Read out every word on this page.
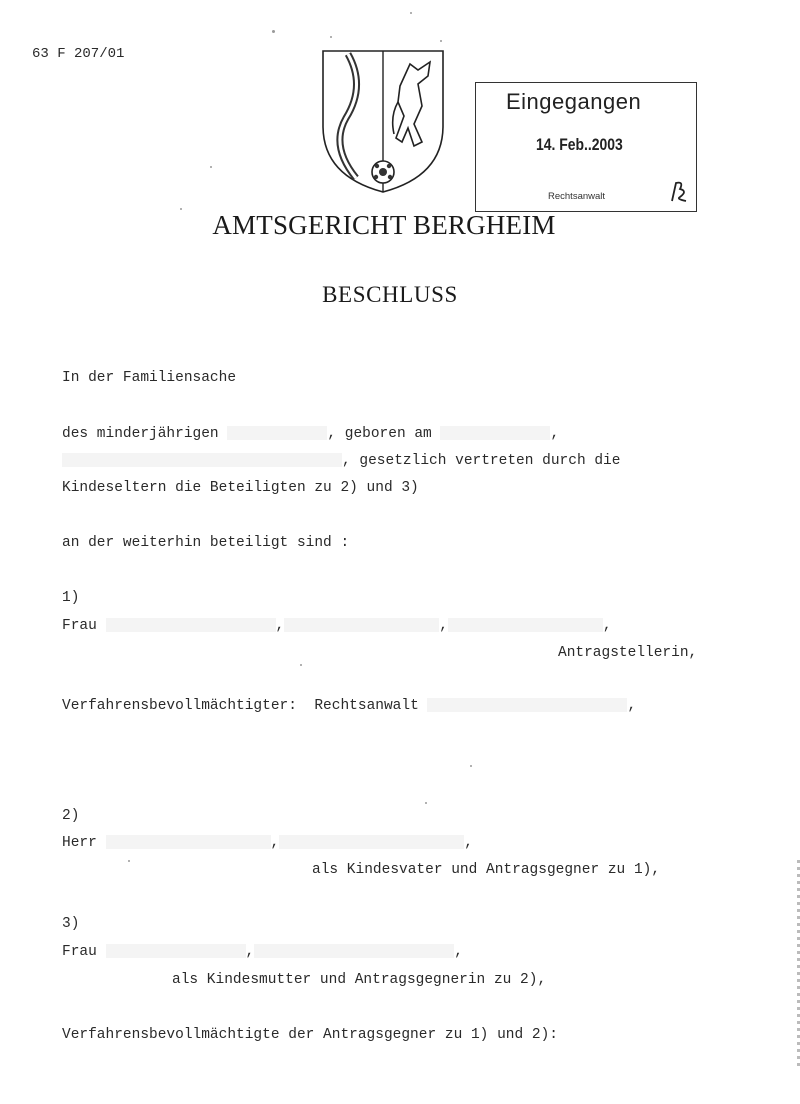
63 F 207/01
Eingegangen
14. Feb..2003
Rechtsanwalt
AMTSGERICHT BERGHEIM
BESCHLUSS
In der Familiensache
des minderjährigen	, geboren am	,
, gesetzlich vertreten durch die
Kindeseltern die Beteiligten zu 2) und 3)
an der weiterhin beteiligt sind :
1)
Frau	,	,	,
Antragstellerin,
Verfahrensbevollmächtigter: Rechtsanwalt	,
2)
Herr	,	,
als Kindesvater und Antragsgegner zu 1),
3)
Frau	,	,
als Kindesmutter und Antragsgegnerin zu 2),
Verfahrensbevollmächtigte der Antragsgegner zu 1) und 2):
